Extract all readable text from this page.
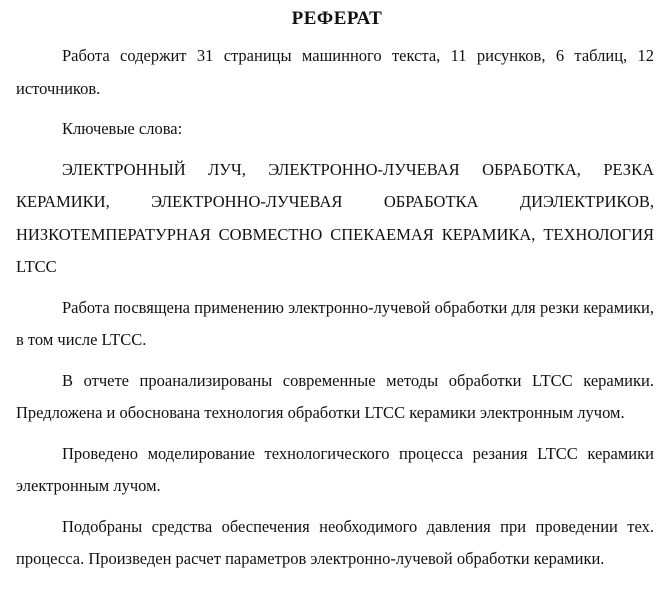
РЕФЕРАТ

Работа содержит 31 страницы машинного текста, 11 рисунков, 6 таблиц, 12 источников.

Ключевые слова:

ЭЛЕКТРОННЫЙ ЛУЧ, ЭЛЕКТРОННО-ЛУЧЕВАЯ ОБРАБОТКА, РЕЗКА КЕРАМИКИ, ЭЛЕКТРОННО-ЛУЧЕВАЯ ОБРАБОТКА ДИЭЛЕКТРИКОВ, НИЗКОТЕМПЕРАТУРНАЯ СОВМЕСТНО СПЕКАЕМАЯ КЕРАМИКА, ТЕХНОЛОГИЯ LTCC

Работа посвящена применению электронно-лучевой обработки для резки керамики, в том числе LTCC.

В отчете проанализированы современные методы обработки LTCC керамики. Предложена и обоснована технология обработки LTCC керамики электронным лучом.

Проведено моделирование технологического процесса резания LTCC керамики электронным лучом.

Подобраны средства обеспечения необходимого давления при проведении тех. процесса. Произведен расчет параметров электронно-лучевой обработки керамики.
